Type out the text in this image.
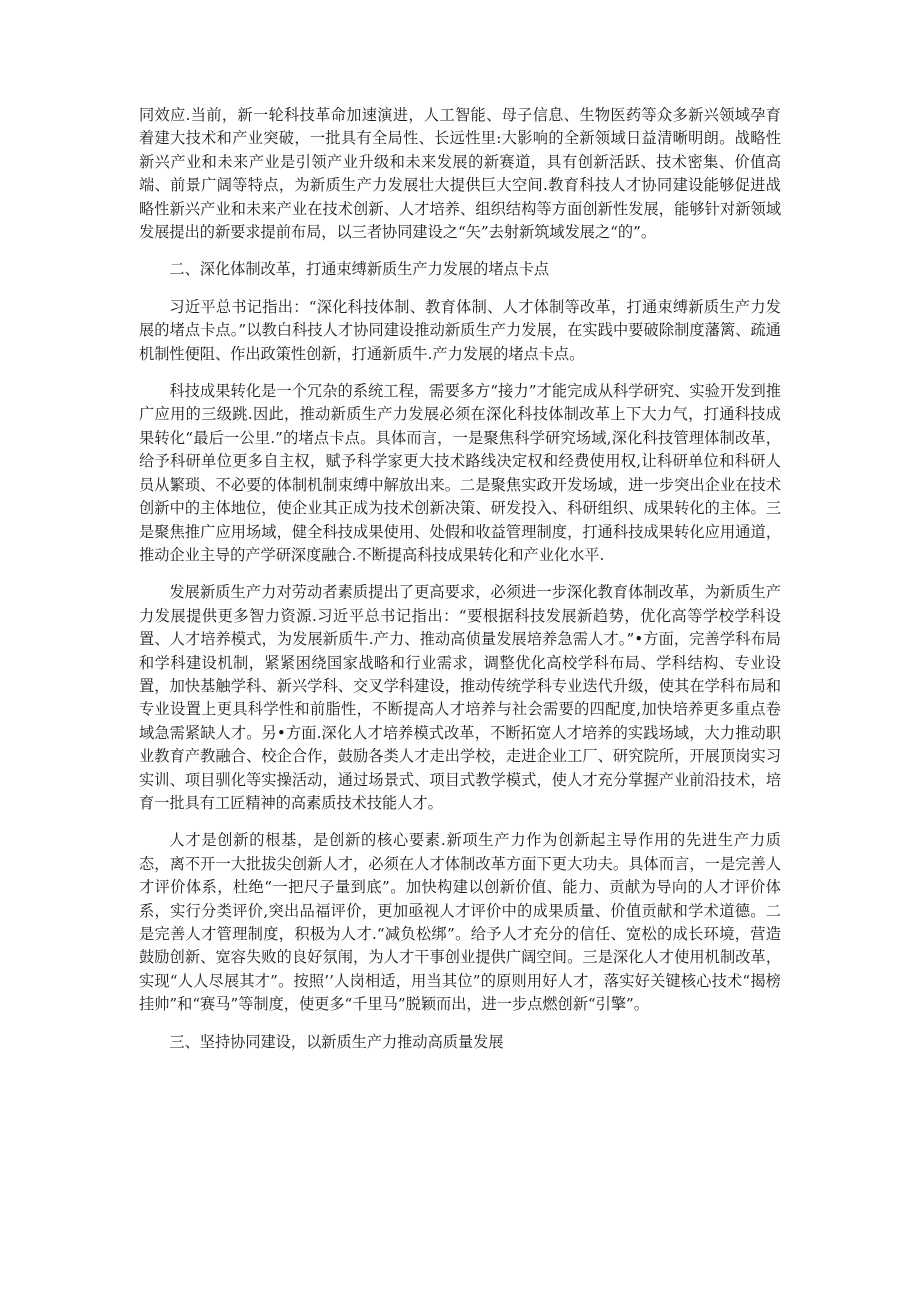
同效应.当前，新一轮科技革命加速演进，人工智能、母子信息、生物医药等众多新兴领域孕育着建大技术和产业突破，一批具有全局性、长远性里:大影响的全新领域日益清晰明朗。战略性新兴产业和未来产业是引领产业升级和未来发展的新赛道，具有创新活跃、技术密集、价值高端、前景广阔等特点，为新质生产力发展壮大提供巨大空间.教育科技人才协同建设能够促进战略性新兴产业和未来产业在技术创新、人才培养、组织结构等方面创新性发展，能够针对新领域发展提出的新要求提前布局，以三者协同建设之“矢”去射新筑域发展之“的”。

二、深化体制改革，打通束缚新质生产力发展的堵点卡点

习近平总书记指出：“深化科技体制、教育体制、人才体制等改革，打通束缚新质生产力发展的堵点卡点。”以教白科技人才协同建设推动新质生产力发展，在实践中要破除制度藩篱、疏通机制性便阻、作出政策性创新，打通新质牛.产力发展的堵点卡点。

科技成果转化是一个冗杂的系统工程，需要多方“接力”才能完成从科学研究、实验开发到推广应用的三级跳.因此，推动新质生产力发展必须在深化科技体制改革上下大力气，打通科技成果转化“最后一公里.”的堵点卡点。具体而言，一是聚焦科学研究场域,深化科技管理体制改革，给予科研单位更多自主权，赋予科学家更大技术路线决定权和经费使用权,让科研单位和科研人员从繁琐、不必要的体制机制束缚中解放出来。二是聚焦实政开发场域，进一步突出企业在技术创新中的主体地位，使企业其正成为技术创新决策、研发投入、科研组织、成果转化的主体。三是聚焦推广应用场域，健全科技成果使用、处假和收益管理制度，打通科技成果转化应用通道，推动企业主导的产学研深度融合.不断提高科技成果转化和产业化水平.

发展新质生产力对劳动者素质提出了更高要求，必须进一步深化教育体制改革，为新质生产力发展提供更多智力资源.习近平总书记指出：“要根据科技发展新趋势，优化高等学校学科设置、人才培养模式，为发展新质牛.产力、推动高侦量发展培养急需人才。”•方面，完善学科布局和学科建设机制，紧紧困绕国家战略和行业需求，调整优化高校学科布局、学科结构、专业设置，加快基触学科、新兴学科、交叉学科建设，推动传统学科专业迭代升级，使其在学科布局和专业设置上更具科学性和前脂性，不断提高人才培养与社会需要的四配度,加快培养更多重点卷域急需紧缺人才。另•方面.深化人才培养模式改革，不断拓宽人才培养的实践场域，大力推动职业教育产教融合、校企合作，鼓励各类人才走出学校，走进企业工厂、研究院所，开展顶岗实习实训、项目驯化等实操活动，通过场景式、项目式教学模式，使人才充分掌握产业前沿技术，培育一批具有工匠精神的高素质技术技能人才。

人才是创新的根基，是创新的核心要素.新项生产力作为创新起主导作用的先进生产力质态，离不开一大批拔尖创新人才，必须在人才体制改革方面下更大功夫。具体而言，一是完善人才评价体系，杜绝“一把尺子量到底”。加快构建以创新价值、能力、贡献为导向的人才评价体系，实行分类评价,突出品福评价，更加亟视人才评价中的成果质量、价值贡献和学术道德。二是完善人才管理制度，积极为人才.“减负松绑”。给予人才充分的信任、宽松的成长环境，营造鼓励创新、宽容失败的良好氛闱，为人才干事创业提供广阔空间。三是深化人才使用机制改革，实现“人人尽展其才”。按照’’人岗相适，用当其位”的原则用好人才，落实好关键核心技术“揭榜挂帅”和“赛马”等制度，使更多“千里马”脱颖而出，进一步点燃创新“引擎”。

三、坚持协同建设，以新质生产力推动高质量发展
